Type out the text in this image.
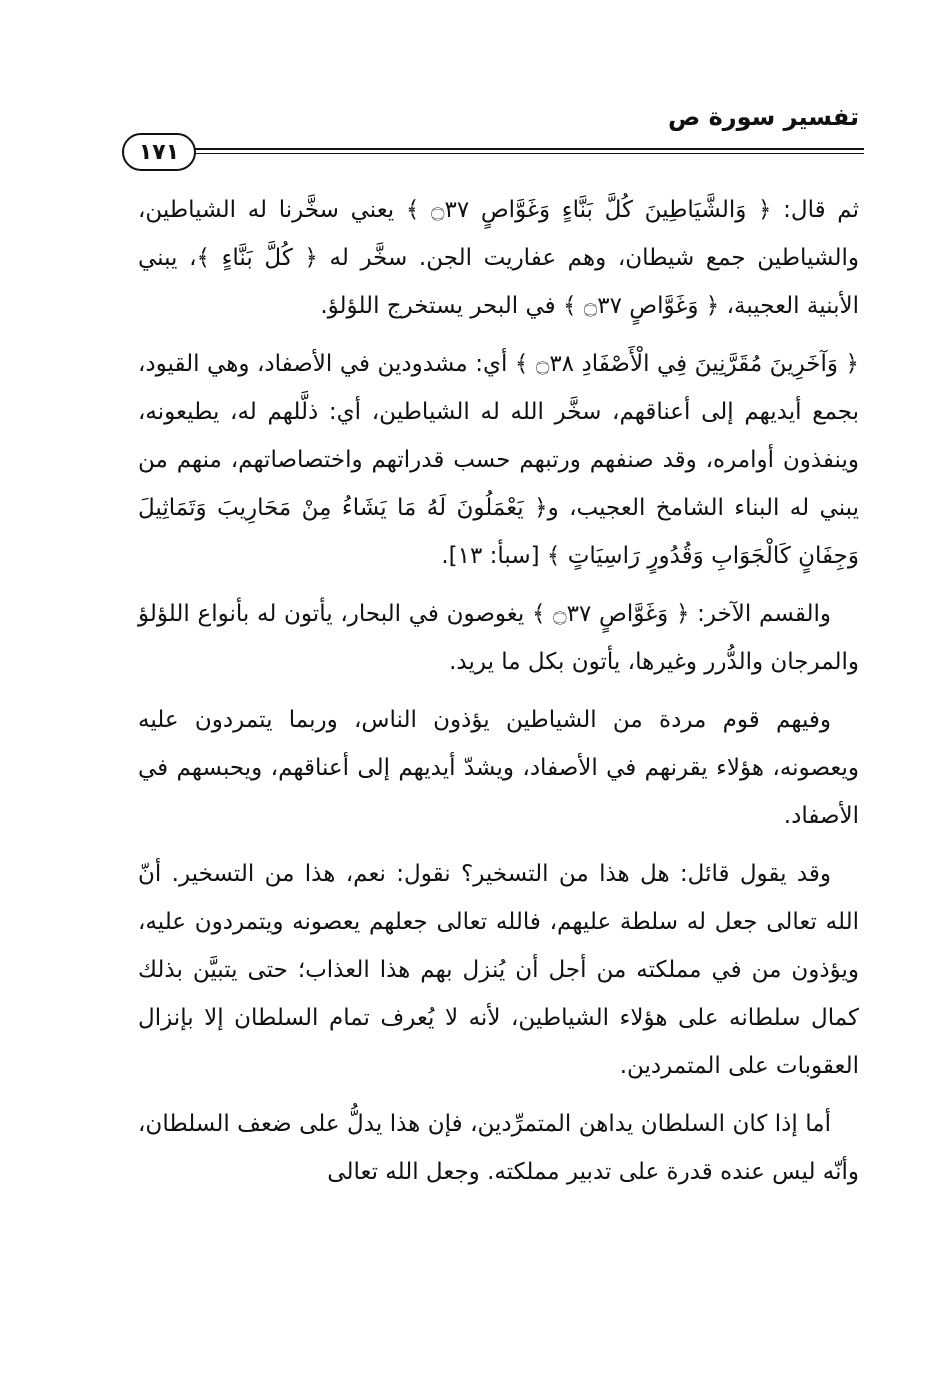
تفسير سورة ص
١٧١

ثم قال: ﴿ وَالشَّيَاطِينَ كُلَّ بَنَّاءٍ وَغَوَّاصٍ ۝٣٧ ﴾ يعني سخَّرنا له الشياطين، والشياطين جمع شيطان، وهم عفاريت الجن. سخَّر له ﴿ كُلَّ بَنَّاءٍ ﴾، يبني الأبنية العجيبة، ﴿ وَغَوَّاصٍ ۝٣٧ ﴾ في البحر يستخرج اللؤلؤ.

﴿ وَآخَرِينَ مُقَرَّنِينَ فِي الْأَصْفَادِ ۝٣٨ ﴾ أي: مشدودين في الأصفاد، وهي القيود، بجمع أيديهم إلى أعناقهم، سخَّر الله له الشياطين، أي: ذلَّلهم له، يطيعونه، وينفذون أوامره، وقد صنفهم ورتبهم حسب قدراتهم واختصاصاتهم، منهم من يبني له البناء الشامخ العجيب، و﴿ يَعْمَلُونَ لَهُ مَا يَشَاءُ مِنْ مَحَارِيبَ وَتَمَاثِيلَ وَجِفَانٍ كَالْجَوَابِ وَقُدُورٍ رَاسِيَاتٍ ﴾ [سبأ: ١٣].

والقسم الآخر: ﴿ وَغَوَّاصٍ ۝٣٧ ﴾ يغوصون في البحار، يأتون له بأنواع اللؤلؤ والمرجان والدُّرر وغيرها، يأتون بكل ما يريد.

وفيهم قوم مردة من الشياطين يؤذون الناس، وربما يتمردون عليه ويعصونه، هؤلاء يقرنهم في الأصفاد، ويشدّ أيديهم إلى أعناقهم، ويحبسهم في الأصفاد.

وقد يقول قائل: هل هذا من التسخير؟ نقول: نعم، هذا من التسخير. أنّ الله تعالى جعل له سلطة عليهم، فالله تعالى جعلهم يعصونه ويتمردون عليه، ويؤذون من في مملكته من أجل أن يُنزل بهم هذا العذاب؛ حتى يتبيَّن بذلك كمال سلطانه على هؤلاء الشياطين، لأنه لا يُعرف تمام السلطان إلا بإنزال العقوبات على المتمردين.

أما إذا كان السلطان يداهن المتمرِّدين، فإن هذا يدلُّ على ضعف السلطان، وأنّه ليس عنده قدرة على تدبير مملكته. وجعل الله تعالى
